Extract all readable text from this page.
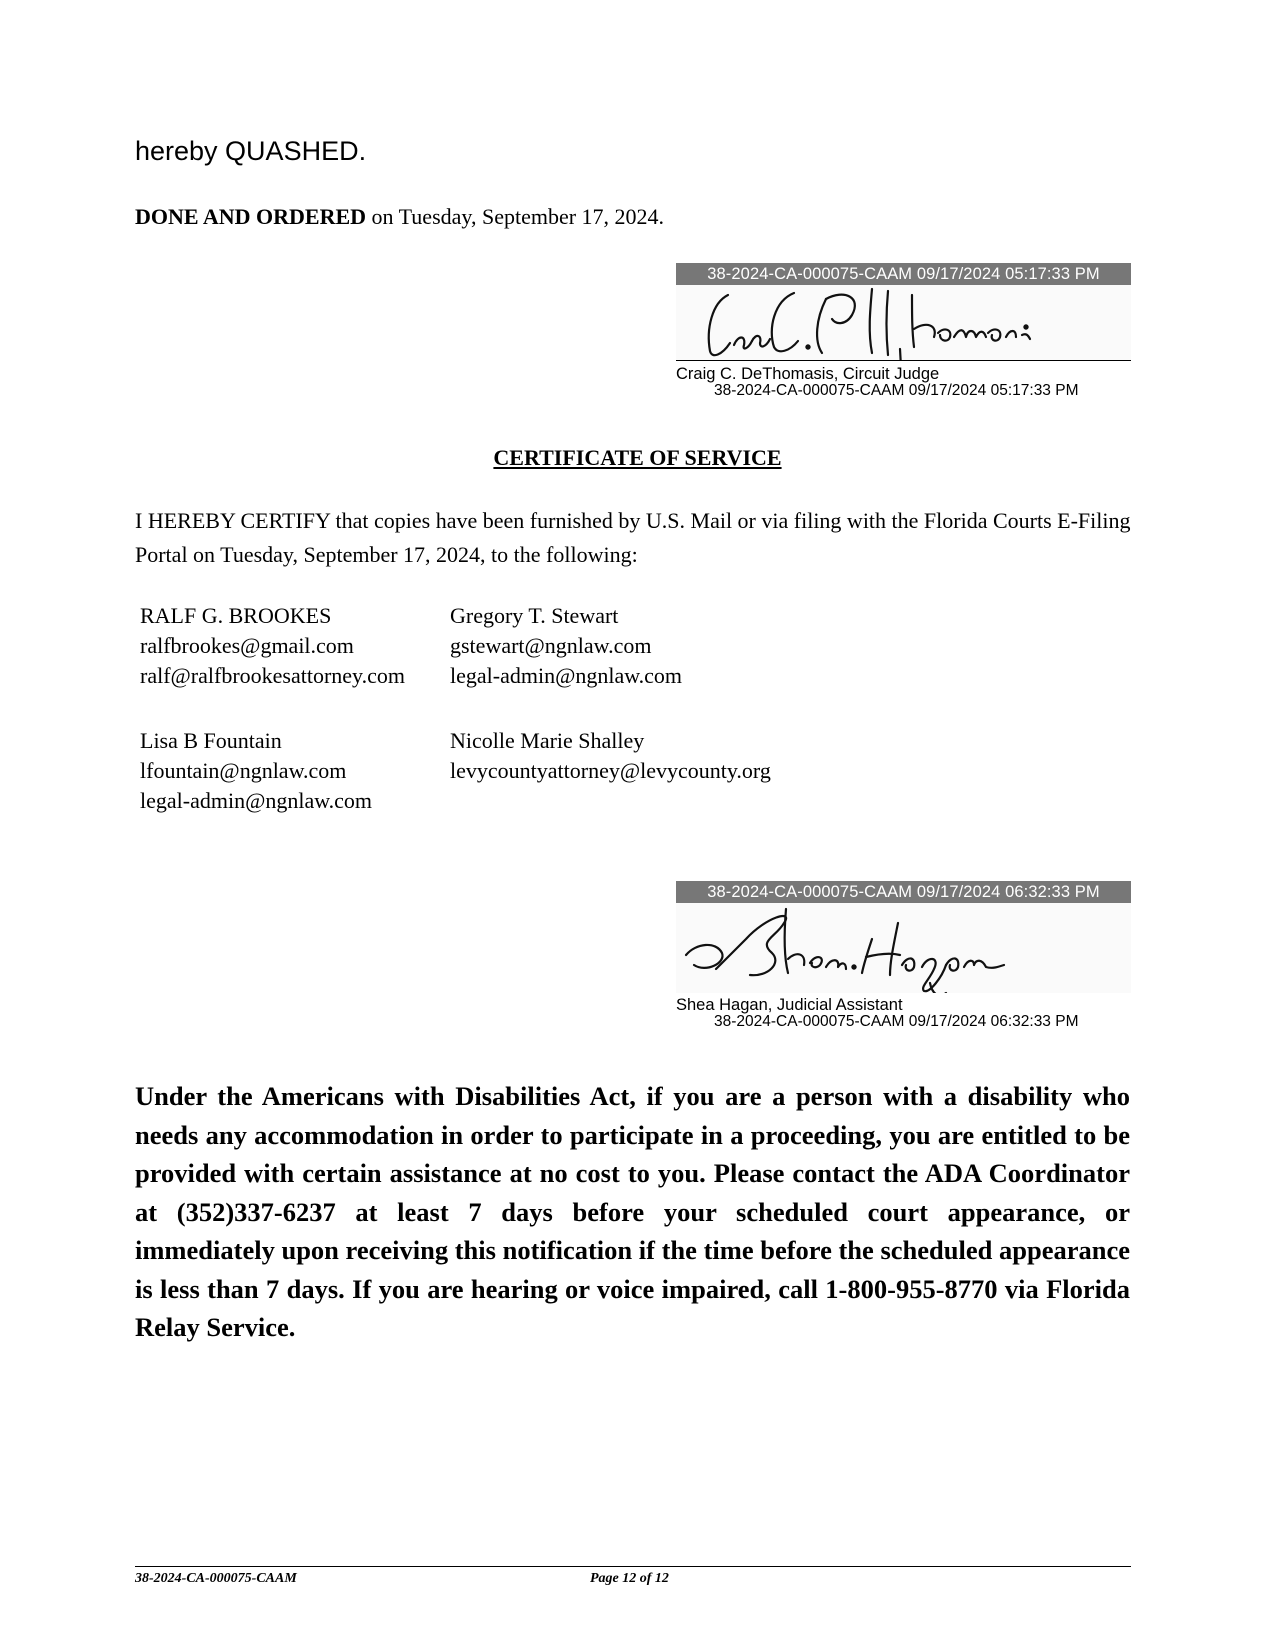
hereby QUASHED.
DONE AND ORDERED on Tuesday, September 17, 2024.
38-2024-CA-000075-CAAM 09/17/2024 05:17:33 PM
Craig C. DeThomasis, Circuit Judge
38-2024-CA-000075-CAAM 09/17/2024 05:17:33 PM
CERTIFICATE OF SERVICE
I HEREBY CERTIFY that copies have been furnished by U.S. Mail or via filing with the Florida Courts E-Filing Portal on Tuesday, September 17, 2024, to the following:
RALF G. BROOKES
ralfbrookes@gmail.com
ralf@ralfbrookesattorney.com
Gregory T. Stewart
gstewart@ngnlaw.com
legal-admin@ngnlaw.com
Lisa B Fountain
lfountain@ngnlaw.com
legal-admin@ngnlaw.com
Nicolle Marie Shalley
levycountyattorney@levycounty.org
38-2024-CA-000075-CAAM 09/17/2024 06:32:33 PM
Shea Hagan, Judicial Assistant
38-2024-CA-000075-CAAM 09/17/2024 06:32:33 PM
Under the Americans with Disabilities Act, if you are a person with a disability who needs any accommodation in order to participate in a proceeding, you are entitled to be provided with certain assistance at no cost to you. Please contact the ADA Coordinator at (352)337-6237 at least 7 days before your scheduled court appearance, or immediately upon receiving this notification if the time before the scheduled appearance is less than 7 days. If you are hearing or voice impaired, call 1-800-955-8770 via Florida Relay Service.
38-2024-CA-000075-CAAM	Page 12 of 12
